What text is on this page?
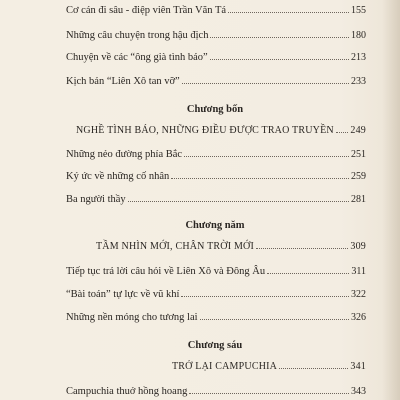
Cơ cán đi sâu - điệp viên Trần Văn Tá	155
Những câu chuyện trong hậu địch	180
Chuyện về các “ông già tình báo”	213
Kịch bản “Liên Xô tan vỡ”	233
Chương bốn
NGHỀ TÌNH BÁO, NHỮNG ĐIỀU ĐƯỢC TRAO TRUYỀN 249
Những nẻo đường phía Bắc	251
Ký ức về những cố nhân	259
Ba người thầy	281
Chương năm
TẦM NHÌN MỚI, CHÂN TRỜI MỚI	309
Tiếp tục trả lời câu hỏi về Liên Xô và Đông Âu	311
“Bài toán” tự lực về vũ khí	322
Những nền móng cho tương lai	326
Chương sáu
TRỞ LẠI CAMPUCHIA	341
Campuchia thuở hồng hoang	343
